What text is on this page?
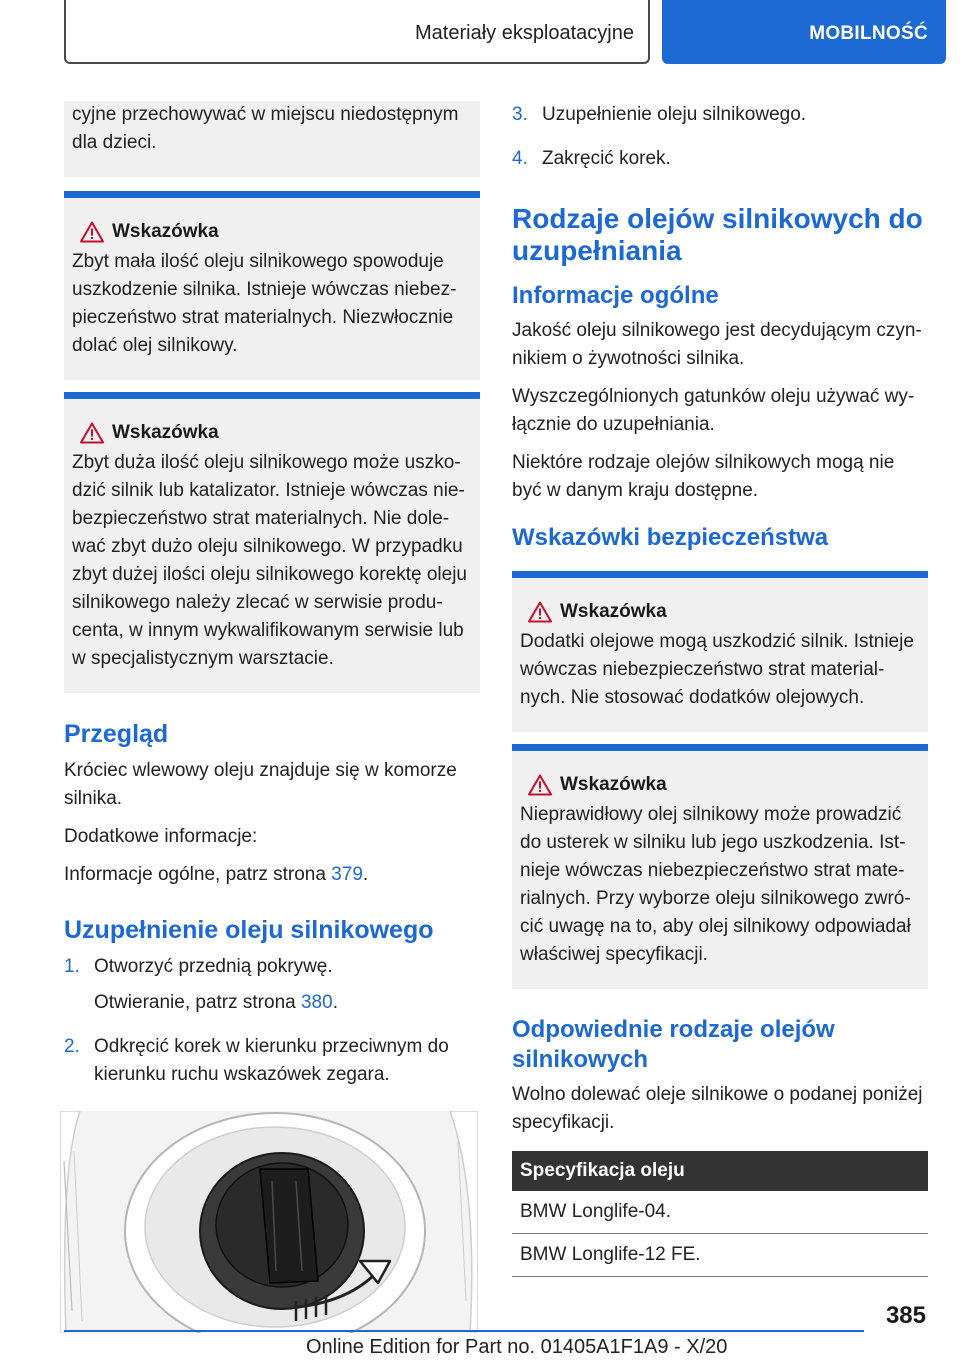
Materiały eksploatacyjne	MOBILNOŚĆ

cyjne przechowywać w miejscu niedostępnym dla dzieci.

Wskazówka

Zbyt mała ilość oleju silnikowego spowoduje uszkodzenie silnika. Istnieje wówczas niebezpieczeństwo strat materialnych. Niezwłocznie dolać olej silnikowy.

Wskazówka

Zbyt duża ilość oleju silnikowego może uszkodzić silnik lub katalizator. Istnieje wówczas niebezpieczeństwo strat materialnych. Nie dolewać zbyt dużo oleju silnikowego. W przypadku zbyt dużej ilości oleju silnikowego korektę oleju silnikowego należy zlecać w serwisie producenta, w innym wykwalifikowanym serwisie lub w specjalistycznym warsztacie.

Przegląd

Króciec wlewowy oleju znajduje się w komorze silnika.

Dodatkowe informacje:

Informacje ogólne, patrz strona 379.

Uzupełnienie oleju silnikowego
1. Otworzyć przednią pokrywę.

Otwieranie, patrz strona 380.

2. Odkręcić korek w kierunku przeciwnym do kierunku ruchu wskazówek zegara.

3. Uzupełnienie oleju silnikowego.

4. Zakręcić korek.

Rodzaje olejów silnikowych do uzupełniania
Informacje ogólne

Jakość oleju silnikowego jest decydującym czynnikiem o żywotności silnika.

Wyszczególnionych gatunków oleju używać wyłącznie do uzupełniania.

Niektóre rodzaje olejów silnikowych mogą nie być w danym kraju dostępne.

Wskazówki bezpieczeństwa
Wskazówka

Dodatki olejowe mogą uszkodzić silnik. Istnieje wówczas niebezpieczeństwo strat materialnych. Nie stosować dodatków olejowych.

Wskazówka

Nieprawidłowy olej silnikowy może prowadzić do usterek w silniku lub jego uszkodzenia. Istnieje wówczas niebezpieczeństwo strat materialnych. Przy wyborze oleju silnikowego zwrócić uwagę na to, aby olej silnikowy odpowiadał właściwej specyfikacji.

Odpowiednie rodzaje olejów silnikowych

Wolno dolewać oleje silnikowe o podanej poniżej specyfikacji.

Specyfikacja oleju
BMW Longlife-04.
BMW Longlife-12 FE.
385
Online Edition for Part no. 01405A1F1A9 - X/20
